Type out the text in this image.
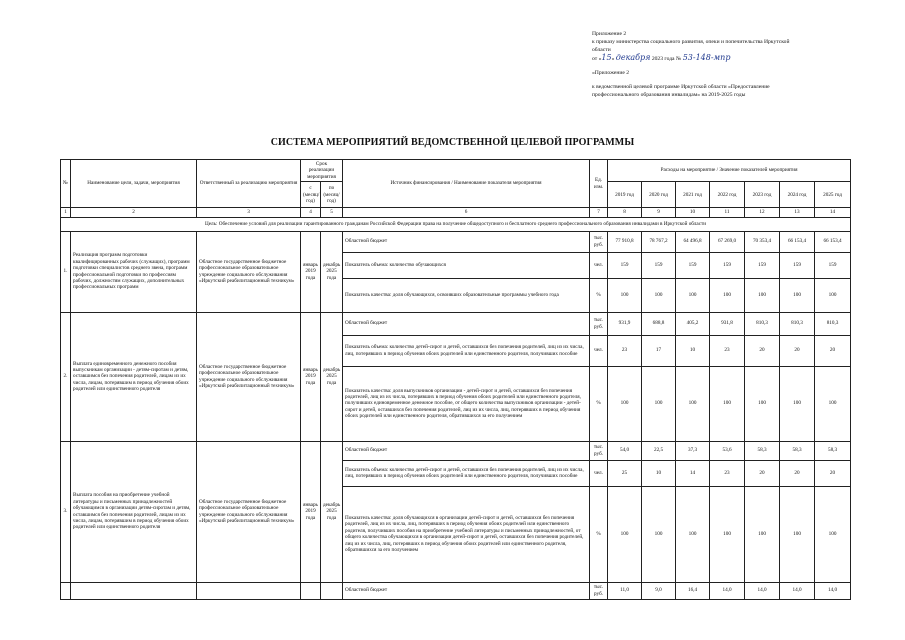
Приложение 2
к приказу министерства социального развития, опеки и попечительства Иркутской
области
от «15» декабря 2023 года № 53-148-мпр
«Приложение 2
к ведомственной целевой программе Иркутской области «Предоставление
профессионального образования инвалидам» на 2019-2025 годы
СИСТЕМА МЕРОПРИЯТИЙ ВЕДОМСТВЕННОЙ ЦЕЛЕВОЙ ПРОГРАММЫ
№	Наименование цели, задачи, мероприятия	Ответственный за реализацию мероприятия	Срок реализации мероприятия		Источник финансирования / Наименование показателя мероприятия	Ед. изм.	Расходы на мероприятие / Значение показателей мероприятия						
			с (месяц/ год)	по (месяц/ год)			2019 год	2020 год	2021 год	2022 год	2023 год	2024 год	2025 год
1	2	3	4	5	6	7	8	9	10	11	12	13	14
Цель: Обеспечение условий для реализации гарантированного гражданам Российской Федерации права на получение общедоступного и бесплатного среднего профессионального образования инвалидами в Иркутской области													
1.	Реализация программ подготовки квалифицированных рабочих (служащих), программ подготовки специалистов среднего звена, программ профессиональной подготовки по профессиям рабочих, должностям служащих, дополнительных профессиональных программ	Областное государственное бюджетное профессиональное образовательное учреждение социального обслуживания «Иркутский реабилитационный техникум»	январь 2019 года	декабрь 2025 года	Областной бюджет	тыс. руб.	77 910,8	78 767,2	64 496,8	67 269,0	70 353,4	66 153,4	66 153,4
					Показатель объема: количество обучающихся	чел.	159	159	159	159	159	159	159
					Показатель качества: доля обучающихся, освоивших образовательные программы учебного года	%	100	100	100	100	100	100	100
2.	Выплата единовременного денежного пособия выпускникам организации - детям-сиротам и детям, оставшимся без попечения родителей, лицам из их числа, лицам, потерявшим в период обучения обоих родителей или единственного родителя	Областное государственное бюджетное профессиональное образовательное учреждение социального обслуживания «Иркутский реабилитационный техникум»	январь 2019 года	декабрь 2025 года	Областной бюджет	тыс. руб.	931,9	688,8	405,2	931,8	810,3	810,3	810,3
					Показатель объема: количество детей-сирот и детей, оставшихся без попечения родителей, лиц из их числа, лиц, потерявших в период обучения обоих родителей или единственного родителя, получивших пособие	чел.	23	17	10	23	20	20	20
					Показатель качества: доля выпускников организации - детей-сирот и детей, оставшихся без попечения родителей, лиц из их числа, потерявших в период обучения обоих родителей или единственного родителя, получивших единовременное денежное пособие, от общего количества выпускников организации - детей-сирот и детей, оставшихся без попечения родителей, лиц из их числа, лиц, потерявших в период обучения обоих родителей или единственного родителя, обратившихся за его получением	%	100	100	100	100	100	100	100
3.	Выплата пособия на приобретение учебной литературы и письменных принадлежностей обучающимся в организации детям-сиротам и детям, оставшимся без попечения родителей, лицам из их числа, лицам, потерявшим в период обучения обоих родителей или единственного родителя	Областное государственное бюджетное профессиональное образовательное учреждение социального обслуживания «Иркутский реабилитационный техникум»	январь 2019 года	декабрь 2025 года	Областной бюджет	тыс. руб.	54,0	22,5	37,3	53,6	58,3	58,3	58,3
					Показатель объема: количество детей-сирот и детей, оставшихся без попечения родителей, лиц из их числа, лиц, потерявших в период обучения обоих родителей или единственного родителя, получивших пособие	чел.	25	10	14	23	20	20	20
					Показатель качества: доля обучающихся в организации детей-сирот и детей, оставшихся без попечения родителей, лиц из их числа, лиц, потерявших в период обучения обоих родителей или единственного родителя, получивших пособия на приобретение учебной литературы и письменных принадлежностей, от общего количества обучающихся в организации детей-сирот и детей, оставшихся без попечения родителей, лиц из их числа, лиц, потерявших в период обучения обоих родителей или единственного родителя, обратившихся за его получением	%	100	100	100	100	100	100	100
					Областной бюджет	тыс. руб.	11,0	9,0	16,4	14,0	14,0	14,0	14,0
